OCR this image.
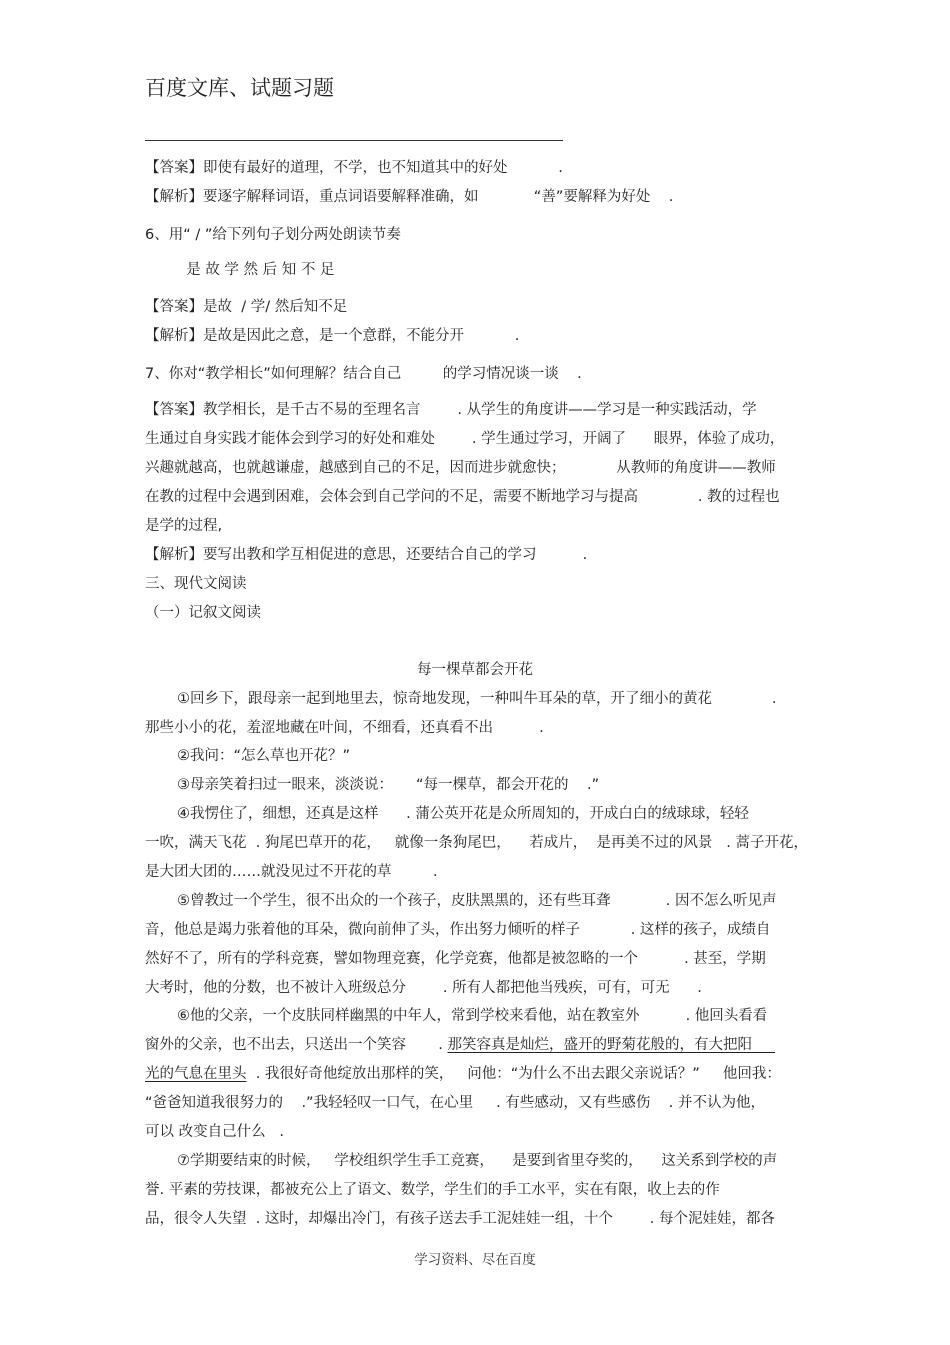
百度文库、试题习题
【答案】即使有最好的道理，不学，也不知道其中的好处           .
【解析】要逐字解释词语，重点词语要解释准确，如            “善”要解释为好处    .
6、用“ / ”给下列句子划分两处朗读节奏
是 故 学 然 后 知 不 足
【答案】是故  / 学/ 然后知不足
【解析】是故是因此之意，是一个意群，不能分开           .
7、你对“教学相长”如何理解？结合自己         的学习情况谈一谈    .
【答案】教学相长，是千古不易的至理名言        . 从学生的角度讲——学习是一种实践活动，学
生通过自身实践才能体会到学习的好处和难处        . 学生通过学习，开阔了      眼界，体验了成功，
兴趣就越高，也就越谦虚，越感到自己的不足，因而进步就愈快；           从教师的角度讲——教师
在教的过程中会遇到困难，会体会到自己学问的不足，需要不断地学习与提高             . 教的过程也
是学的过程,
【解析】要写出教和学互相促进的意思，还要结合自己的学习          .
三、现代文阅读
（一）记叙文阅读
每一棵草都会开花
①回乡下，跟母亲一起到地里去，惊奇地发现，一种叫牛耳朵的草，开了细小的黄花             .
那些小小的花，羞涩地藏在叶间，不细看，还真看不出          .
②我问：“怎么草也开花？”
③母亲笑着扫过一眼来，淡淡说：     “每一棵草，都会开花的    .”
④我愣住了，细想，还真是这样      . 蒲公英开花是众所周知的，开成白白的绒球球，轻轻
一吹，满天飞花  . 狗尾巴草开的花，   就像一条狗尾巴，    若成片，  是再美不过的风景   . 蒿子开花，
是大团大团的……就没见过不开花的草         .
⑤曾教过一个学生，很不出众的一个孩子，皮肤黑黑的，还有些耳聋            . 因不怎么听见声
音，他总是竭力张着他的耳朵，微向前伸了头，作出努力倾听的样子           . 这样的孩子，成绩自
然好不了，所有的学科竞赛，譬如物理竞赛，化学竞赛，他都是被忽略的一个          . 甚至，学期
大考时，他的分数，也不被计入班级总分        . 所有人都把他当残疾，可有，可无      .
⑥他的父亲，一个皮肤同样幽黑的中年人，常到学校来看他，站在教室外          . 他回头看看
窗外的父亲，也不出去，只送出一个笑容       . 那笑容真是灿烂，盛开的野菊花般的，有大把阳
光的气息在里头  . 我很好奇他绽放出那样的笑，   问他：“为什么不出去跟父亲说话？”     他回我：
“爸爸知道我很努力的    .”我轻轻叹一口气，在心里     . 有些感动，又有些感伤    . 并不认为他，
可以 改变自己什么   .
⑦学期要结束的时候，   学校组织学生手工竞赛，    是要到省里夺奖的，    这关系到学校的声
誉. 平素的劳技课，都被充公上了语文、数学，学生们的手工水平，实在有限，收上去的作
品，很令人失望  . 这时，却爆出冷门，有孩子送去手工泥娃娃一组，十个        . 每个泥娃娃，都各
学习资料、尽在百度
